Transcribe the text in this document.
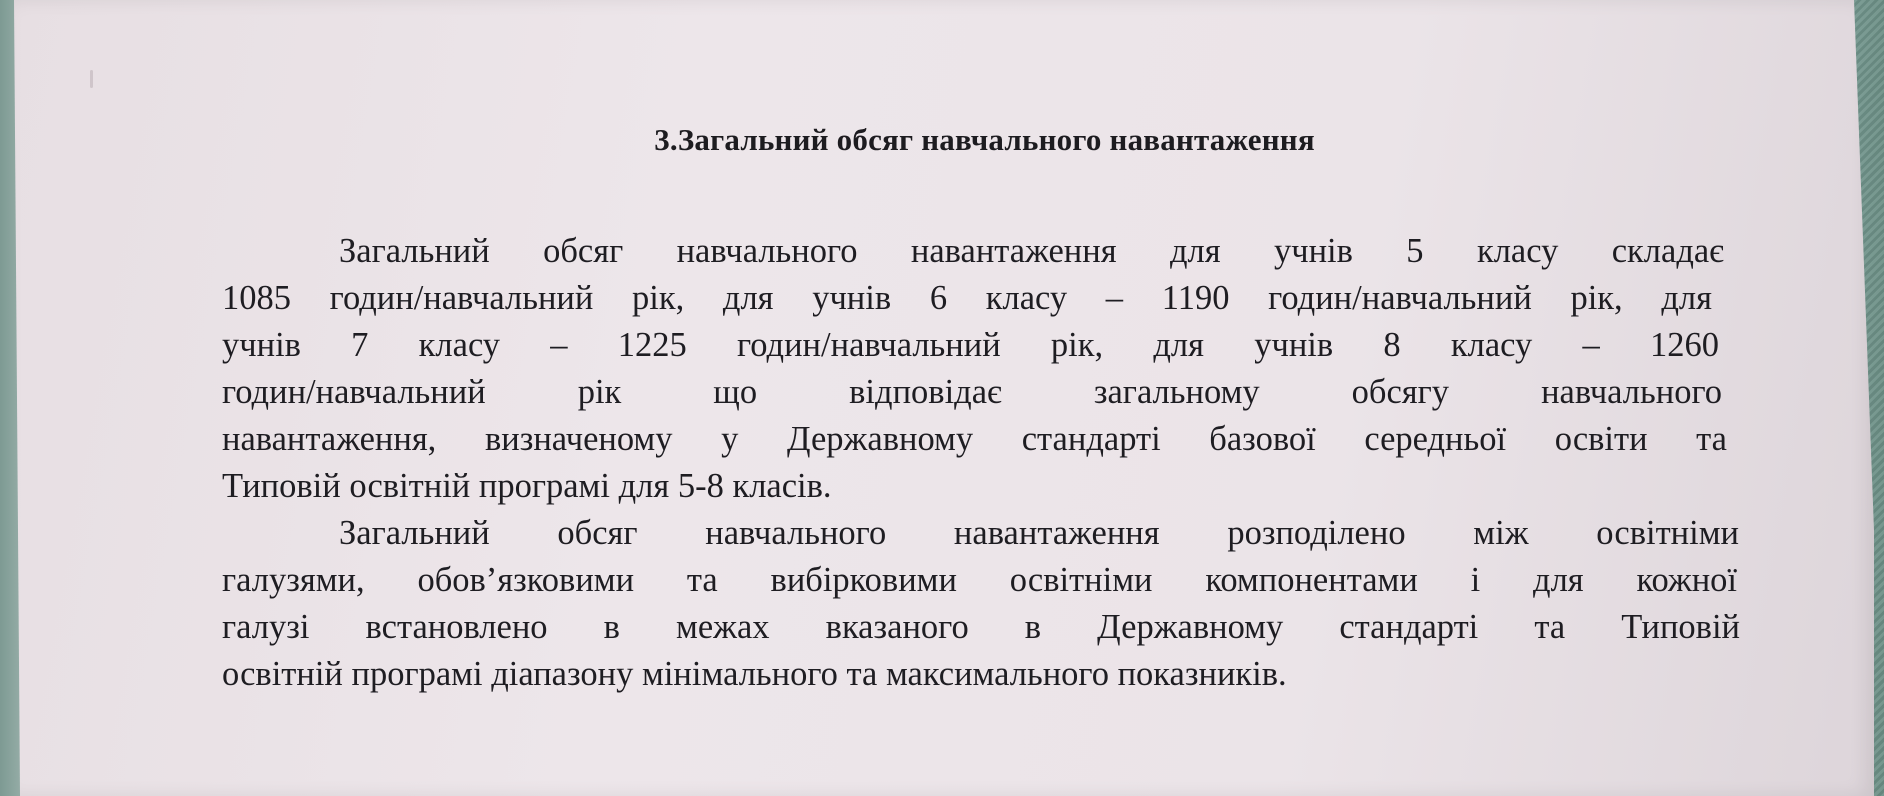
3.Загальний обсяг навчального навантаження
Загальний обсяг навчального навантаження для учнів 5 класу складає
1085 годин/навчальний рік, для учнів 6 класу – 1190 годин/навчальний рік, для
учнів 7 класу – 1225 годин/навчальний рік, для учнів 8 класу – 1260
годин/навчальний рік що відповідає загальному обсягу навчального
навантаження, визначеному у Державному стандарті базової середньої освіти та
Типовій освітній програмі для 5-8 класів.
Загальний обсяг навчального навантаження розподілено між освітніми
галузями, обов’язковими та вибірковими освітніми компонентами і для кожної
галузі встановлено в межах вказаного в Державному стандарті та Типовій
освітній програмі діапазону мінімального та максимального показників.
